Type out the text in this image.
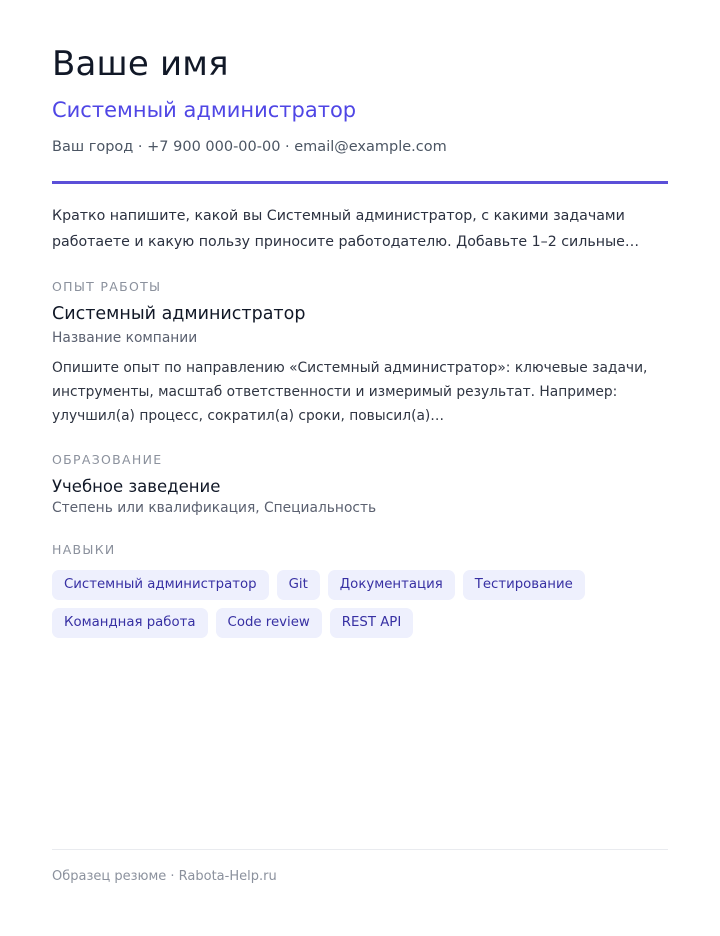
Ваше имя
Системный администратор
Ваш город · +7 900 000-00-00 · email@example.com

Кратко напишите, какой вы Системный администратор, с какими задачами работаете и какую пользу приносите работодателю. Добавьте 1–2 сильные…

ОПЫТ РАБОТЫ
Системный администратор
Название компании

Опишите опыт по направлению «Системный администратор»: ключевые задачи, инструменты, масштаб ответственности и измеримый результат. Например: улучшил(а) процесс, сократил(а) сроки, повысил(а)…

ОБРАЗОВАНИЕ
Учебное заведение
Степень или квалификация, Специальность
НАВЫКИ
Системный администратор	Git	Документация	Тестирование
Командная работа	Code review	REST API
Образец резюме · Rabota-Help.ru
